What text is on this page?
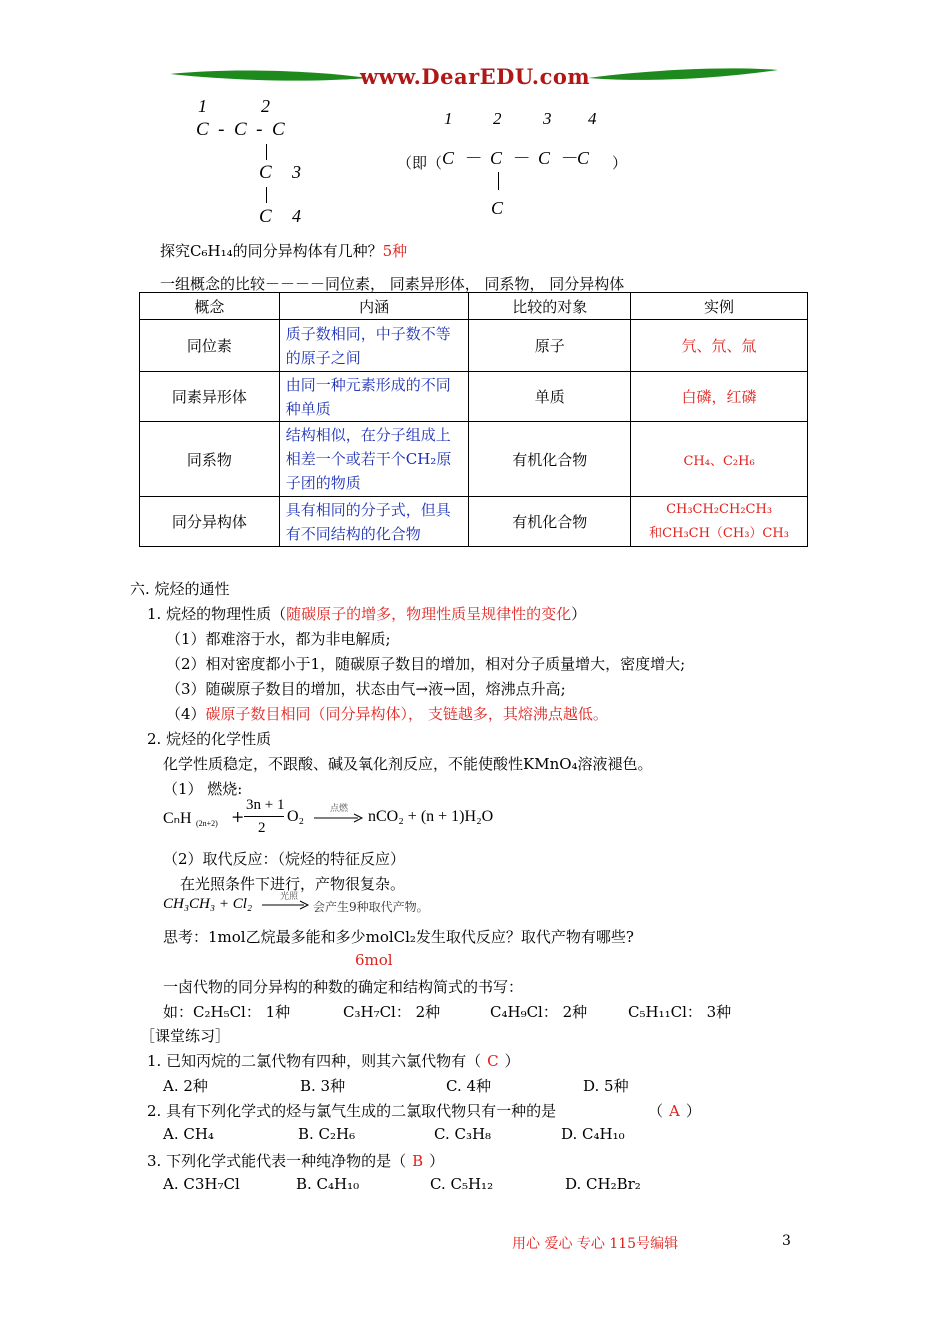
www.DearEDU.com
1	2
C  -  C  -  C
C 3
C 4
1 2 3 4
（即（ C  －  C  －  C  －C ）
C
探究C₆H₁₄的同分异构体有几种？5种
一组概念的比较－－－－同位素， 同素异形体， 同系物， 同分异构体
概念	内涵	比较的对象	实例
同位素	质子数相同，中子数不等的原子之间	原子	氕、氘、氚
同素异形体	由同一种元素形成的不同种单质	单质	白磷，红磷
同系物	结构相似，在分子组成上相差一个或若干个CH₂原子团的物质	有机化合物	CH₄、C₂H₆
同分异构体	具有相同的分子式，但具有不同结构的化合物	有机化合物	CH₃CH₂CH₂CH₃
和CH₃CH（CH₃）CH₃
六. 烷烃的通性
1. 烷烃的物理性质（随碳原子的增多，物理性质呈规律性的变化）
（1）都难溶于水，都为非电解质;
（2）相对密度都小于1，随碳原子数目的增加，相对分子质量增大，密度增大;
（3）随碳原子数目的增加，状态由气→液→固，熔沸点升高;
（4）碳原子数目相同（同分异构体）， 支链越多，其熔沸点越低。
2. 烷烃的化学性质
化学性质稳定，不跟酸、碱及氧化剂反应，不能使酸性KMnO₄溶液褪色。
（1） 燃烧:
CₙH (2n+2) +
3n + 1
2
O₂	点燃 → nCO₂ + (n + 1)H₂O
（2）取代反应：（烷烃的特征反应）
在光照条件下进行，产物很复杂。
CH₃CH₃ + Cl₂	光照
→ 会产生9种取代产物。
思考：1mol乙烷最多能和多少molCl₂发生取代反应？取代产物有哪些?
6mol
一卤代物的同分异构的种数的确定和结构简式的书写：
如：C₂H₅Cl： 1种	C₃H₇Cl： 2种	C₄H₉Cl： 2种	C₅H₁₁Cl： 3种
［课堂练习］
1. 已知丙烷的二氯代物有四种，则其六氯代物有（ C ）
A. 2种	B. 3种	C. 4种	D. 5种
2. 具有下列化学式的烃与氯气生成的二氯取代物只有一种的是	（ A ）
A. CH₄	B. C₂H₆	C. C₃H₈	D. C₄H₁₀
3. 下列化学式能代表一种纯净物的是（ B ）
A. C3H₇Cl	B. C₄H₁₀	C. C₅H₁₂	D. CH₂Br₂
用心 爱心 专心 115号编辑	3
